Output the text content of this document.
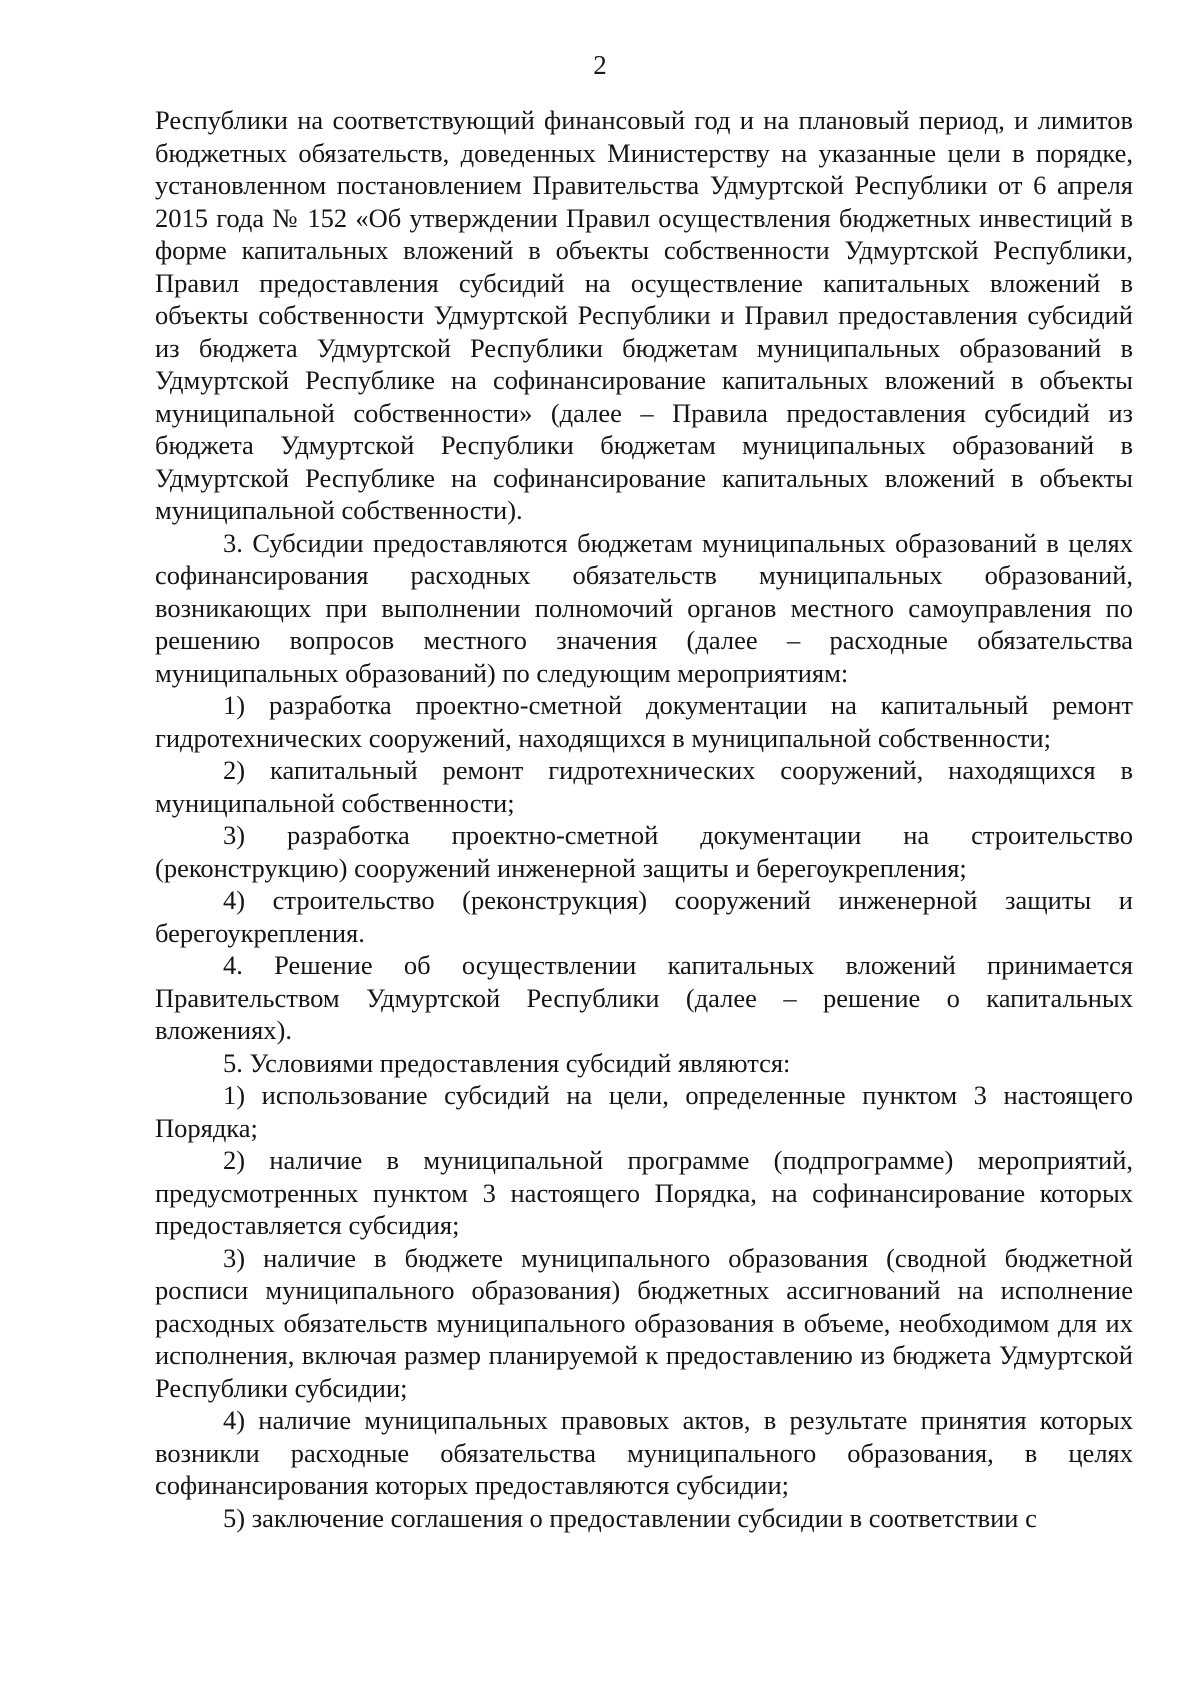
2

Республики на соответствующий финансовый год и на плановый период, и лимитов бюджетных обязательств, доведенных Министерству на указанные цели в порядке, установленном постановлением Правительства Удмуртской Республики от 6 апреля 2015 года № 152 «Об утверждении Правил осуществления бюджетных инвестиций в форме капитальных вложений в объекты собственности Удмуртской Республики, Правил предоставления субсидий на осуществление капитальных вложений в объекты собственности Удмуртской Республики и Правил предоставления субсидий из бюджета Удмуртской Республики бюджетам муниципальных образований в Удмуртской Республике на софинансирование капитальных вложений в объекты муниципальной собственности» (далее – Правила предоставления субсидий из бюджета Удмуртской Республики бюджетам муниципальных образований в Удмуртской Республике на софинансирование капитальных вложений в объекты муниципальной собственности).

3. Субсидии предоставляются бюджетам муниципальных образований в целях софинансирования расходных обязательств муниципальных образований, возникающих при выполнении полномочий органов местного самоуправления по решению вопросов местного значения (далее – расходные обязательства муниципальных образований) по следующим мероприятиям:

1) разработка проектно-сметной документации на капитальный ремонт гидротехнических сооружений, находящихся в муниципальной собственности;

2) капитальный ремонт гидротехнических сооружений, находящихся в муниципальной собственности;

3) разработка проектно-сметной документации на строительство (реконструкцию) сооружений инженерной защиты и берегоукрепления;

4) строительство (реконструкция) сооружений инженерной защиты и берегоукрепления.

4. Решение об осуществлении капитальных вложений принимается Правительством Удмуртской Республики (далее – решение о капитальных вложениях).

5. Условиями предоставления субсидий являются:

1) использование субсидий на цели, определенные пунктом 3 настоящего Порядка;

2) наличие в муниципальной программе (подпрограмме) мероприятий, предусмотренных пунктом 3 настоящего Порядка, на софинансирование которых предоставляется субсидия;

3) наличие в бюджете муниципального образования (сводной бюджетной росписи муниципального образования) бюджетных ассигнований на исполнение расходных обязательств муниципального образования в объеме, необходимом для их исполнения, включая размер планируемой к предоставлению из бюджета Удмуртской Республики субсидии;

4) наличие муниципальных правовых актов, в результате принятия которых возникли расходные обязательства муниципального образования, в целях софинансирования которых предоставляются субсидии;

5) заключение соглашения о предоставлении субсидии в соответствии с
